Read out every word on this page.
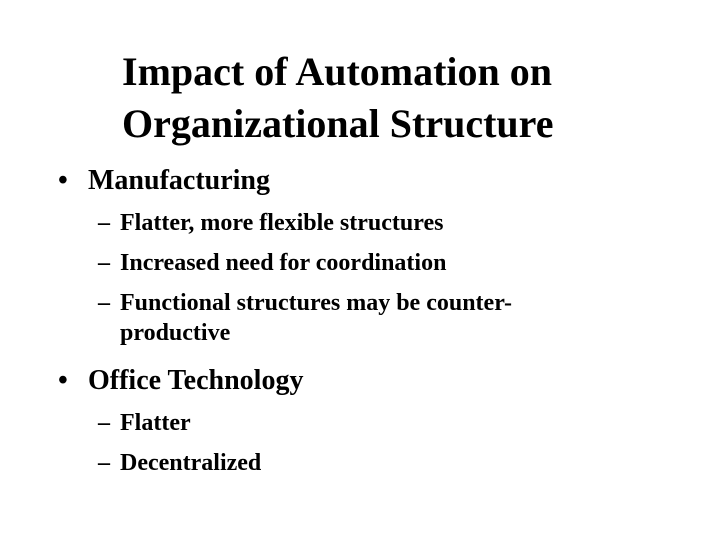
Impact of Automation on
Organizational Structure
• Manufacturing
– Flatter, more flexible structures
– Increased need for coordination
– Functional structures may be counter-
productive
• Office Technology
– Flatter
– Decentralized
